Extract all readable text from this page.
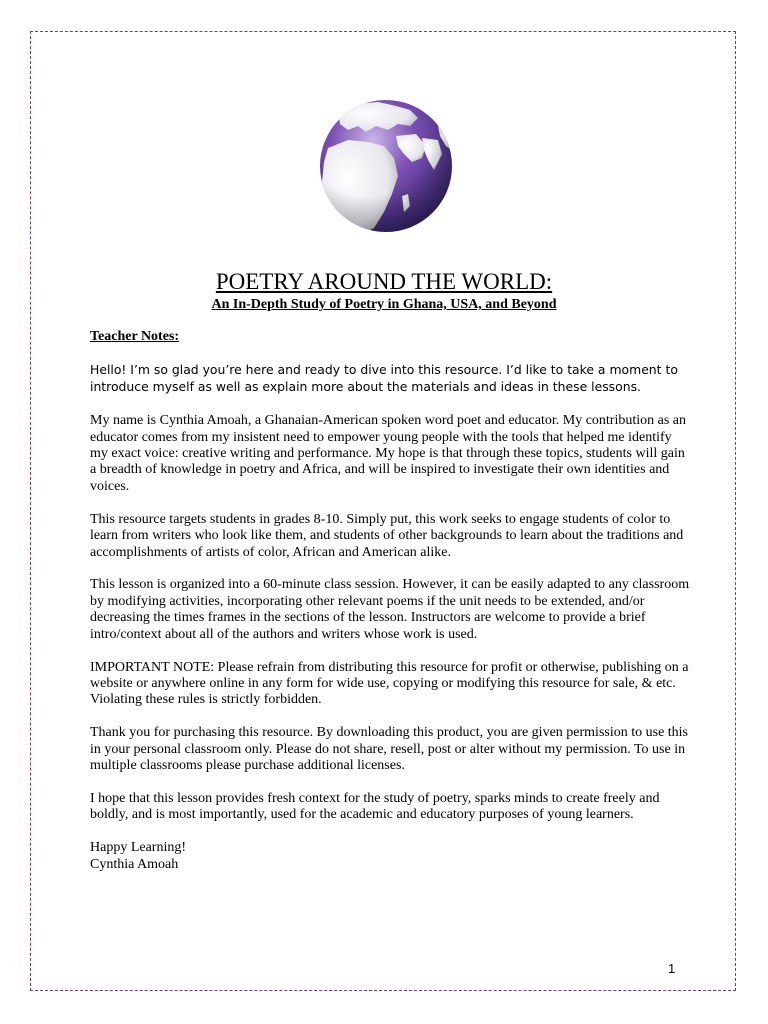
POETRY AROUND THE WORLD:
An In-Depth Study of Poetry in Ghana, USA, and Beyond

Teacher Notes:

Hello! I’m so glad you’re here and ready to dive into this resource. I’d like to take a moment to introduce myself as well as explain more about the materials and ideas in these lessons.

My name is Cynthia Amoah, a Ghanaian-American spoken word poet and educator. My contribution as an educator comes from my insistent need to empower young people with the tools that helped me identify my exact voice: creative writing and performance. My hope is that through these topics, students will gain a breadth of knowledge in poetry and Africa, and will be inspired to investigate their own identities and voices.

This resource targets students in grades 8-10. Simply put, this work seeks to engage students of color to learn from writers who look like them, and students of other backgrounds to learn about the traditions and accomplishments of artists of color, African and American alike.

This lesson is organized into a 60-minute class session. However, it can be easily adapted to any classroom by modifying activities, incorporating other relevant poems if the unit needs to be extended, and/or decreasing the times frames in the sections of the lesson. Instructors are welcome to provide a brief intro/context about all of the authors and writers whose work is used.

IMPORTANT NOTE: Please refrain from distributing this resource for profit or otherwise, publishing on a website or anywhere online in any form for wide use, copying or modifying this resource for sale, & etc. Violating these rules is strictly forbidden.

Thank you for purchasing this resource. By downloading this product, you are given permission to use this in your personal classroom only. Please do not share, resell, post or alter without my permission. To use in multiple classrooms please purchase additional licenses.

I hope that this lesson provides fresh context for the study of poetry, sparks minds to create freely and boldly, and is most importantly, used for the academic and educatory purposes of young learners.

Happy Learning!

Cynthia Amoah

1
